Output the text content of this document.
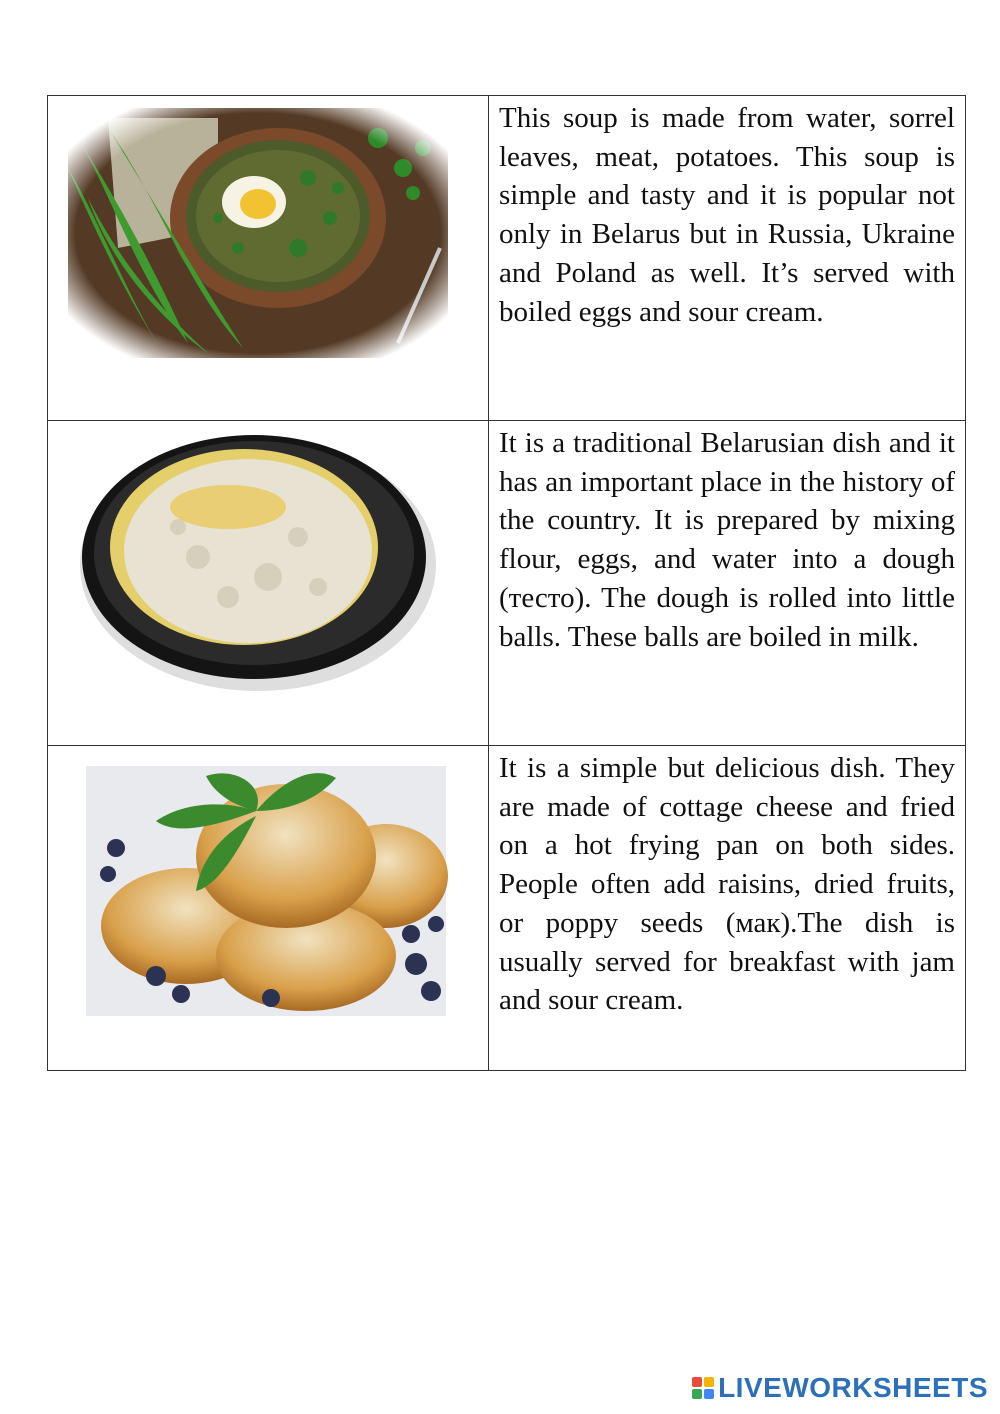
This soup is made from water, sorrel leaves, meat, potatoes. This soup is simple and tasty and it is popular not only in Belarus but in Russia, Ukraine and Poland as well. It’s served with boiled eggs and sour cream.

It is a traditional Belarusian dish and it has an important place in the history of the country. It is prepared by mixing flour, eggs, and water into a dough (тесто). The dough is rolled into little balls. These balls are boiled in milk.

It is a simple but delicious dish. They are made of cottage cheese and fried on a hot frying pan on both sides. People often add raisins, dried fruits, or poppy seeds (мак).The dish is usually served for breakfast with jam and sour cream.

LIVEWORKSHEETS
